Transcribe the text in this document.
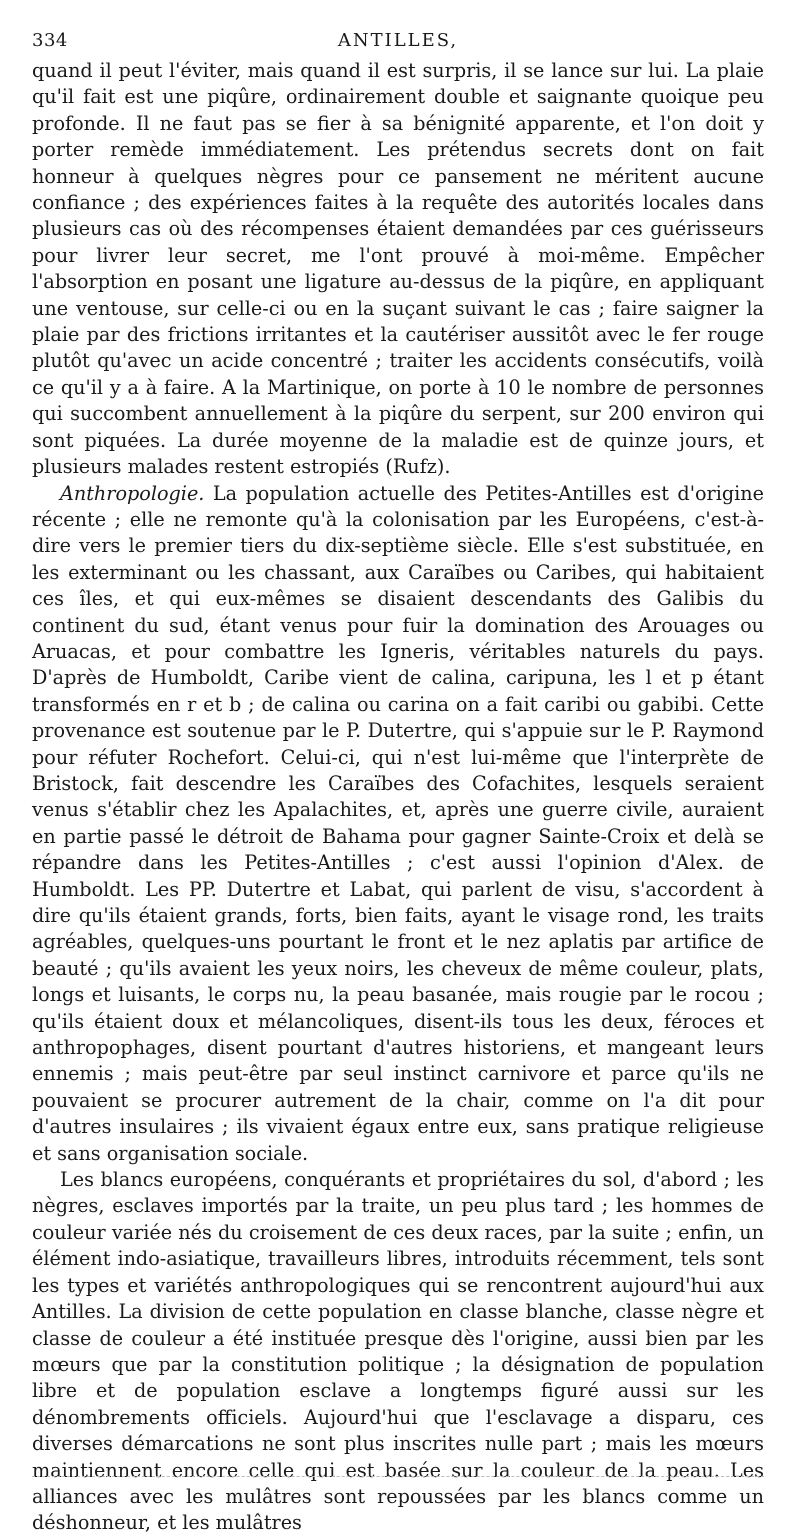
334	ANTILLES,

quand il peut l'éviter, mais quand il est surpris, il se lance sur lui. La plaie qu'il fait est une piqûre, ordinairement double et saignante quoique peu profonde. Il ne faut pas se fier à sa bénignité apparente, et l'on doit y porter remède immédiatement. Les prétendus secrets dont on fait honneur à quelques nègres pour ce pansement ne méritent aucune confiance ; des expériences faites à la requête des autorités locales dans plusieurs cas où des récompenses étaient demandées par ces guérisseurs pour livrer leur secret, me l'ont prouvé à moi-même. Empêcher l'absorption en posant une ligature au-dessus de la piqûre, en appliquant une ventouse, sur celle-ci ou en la suçant suivant le cas ; faire saigner la plaie par des frictions irritantes et la cautériser aussitôt avec le fer rouge plutôt qu'avec un acide concentré ; traiter les accidents consécutifs, voilà ce qu'il y a à faire. A la Martinique, on porte à 10 le nombre de personnes qui succombent annuellement à la piqûre du serpent, sur 200 environ qui sont piquées. La durée moyenne de la maladie est de quinze jours, et plusieurs malades restent estropiés (Rufz).

Anthropologie. La population actuelle des Petites-Antilles est d'origine récente ; elle ne remonte qu'à la colonisation par les Européens, c'est-à-dire vers le premier tiers du dix-septième siècle. Elle s'est substituée, en les exterminant ou les chassant, aux Caraïbes ou Caribes, qui habitaient ces îles, et qui eux-mêmes se disaient descendants des Galibis du continent du sud, étant venus pour fuir la domination des Arouages ou Aruacas, et pour combattre les Igneris, véritables naturels du pays. D'après de Humboldt, Caribe vient de calina, caripuna, les l et p étant transformés en r et b ; de calina ou carina on a fait caribi ou gabibi. Cette provenance est soutenue par le P. Dutertre, qui s'appuie sur le P. Raymond pour réfuter Rochefort. Celui-ci, qui n'est lui-même que l'interprète de Bristock, fait descendre les Caraïbes des Cofachites, lesquels seraient venus s'établir chez les Apalachites, et, après une guerre civile, auraient en partie passé le détroit de Bahama pour gagner Sainte-Croix et delà se répandre dans les Petites-Antilles ; c'est aussi l'opinion d'Alex. de Humboldt. Les PP. Dutertre et Labat, qui parlent de visu, s'accordent à dire qu'ils étaient grands, forts, bien faits, ayant le visage rond, les traits agréables, quelques-uns pourtant le front et le nez aplatis par artifice de beauté ; qu'ils avaient les yeux noirs, les cheveux de même couleur, plats, longs et luisants, le corps nu, la peau basanée, mais rougie par le rocou ; qu'ils étaient doux et mélancoliques, disent-ils tous les deux, féroces et anthropophages, disent pourtant d'autres historiens, et mangeant leurs ennemis ; mais peut-être par seul instinct carnivore et parce qu'ils ne pouvaient se procurer autrement de la chair, comme on l'a dit pour d'autres insulaires ; ils vivaient égaux entre eux, sans pratique religieuse et sans organisation sociale.

Les blancs européens, conquérants et propriétaires du sol, d'abord ; les nègres, esclaves importés par la traite, un peu plus tard ; les hommes de couleur variée nés du croisement de ces deux races, par la suite ; enfin, un élément indo-asiatique, travailleurs libres, introduits récemment, tels sont les types et variétés anthropologiques qui se rencontrent aujourd'hui aux Antilles. La division de cette population en classe blanche, classe nègre et classe de couleur a été instituée presque dès l'origine, aussi bien par les mœurs que par la constitution politique ; la désignation de population libre et de population esclave a longtemps figuré aussi sur les dénombrements officiels. Aujourd'hui que l'esclavage a disparu, ces diverses démarcations ne sont plus inscrites nulle part ; mais les mœurs maintiennent encore celle qui est basée sur la couleur de la peau. Les alliances avec les mulâtres sont repoussées par les blancs comme un déshonneur, et les mulâtres
